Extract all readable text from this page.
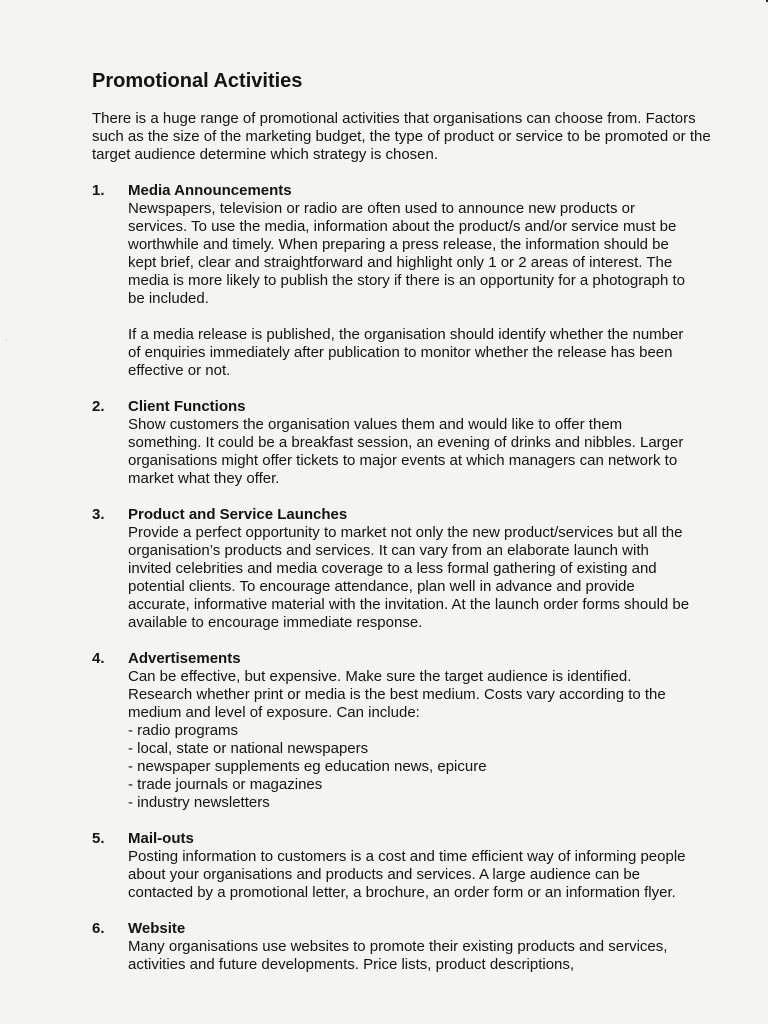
Promotional Activities

There is a huge range of promotional activities that organisations can choose from. Factors such as the size of the marketing budget, the type of product or service to be promoted or the target audience determine which strategy is chosen.

1. Media Announcements

Newspapers, television or radio are often used to announce new products or services. To use the media, information about the product/s and/or service must be worthwhile and timely. When preparing a press release, the information should be kept brief, clear and straightforward and highlight only 1 or 2 areas of interest. The media is more likely to publish the story if there is an opportunity for a photograph to be included.

If a media release is published, the organisation should identify whether the number of enquiries immediately after publication to monitor whether the release has been effective or not.

2. Client Functions

Show customers the organisation values them and would like to offer them something. It could be a breakfast session, an evening of drinks and nibbles. Larger organisations might offer tickets to major events at which managers can network to market what they offer.

3. Product and Service Launches

Provide a perfect opportunity to market not only the new product/services but all the organisation’s products and services. It can vary from an elaborate launch with invited celebrities and media coverage to a less formal gathering of existing and potential clients. To encourage attendance, plan well in advance and provide accurate, informative material with the invitation. At the launch order forms should be available to encourage immediate response.

4. Advertisements

Can be effective, but expensive. Make sure the target audience is identified. Research whether print or media is the best medium. Costs vary according to the medium and level of exposure. Can include:

- radio programs
- local, state or national newspapers
- newspaper supplements eg education news, epicure
- trade journals or magazines
- industry newsletters
5. Mail-outs

Posting information to customers is a cost and time efficient way of informing people about your organisations and products and services. A large audience can be contacted by a promotional letter, a brochure, an order form or an information flyer.

6. Website

Many organisations use websites to promote their existing products and services, activities and future developments. Price lists, product descriptions,
